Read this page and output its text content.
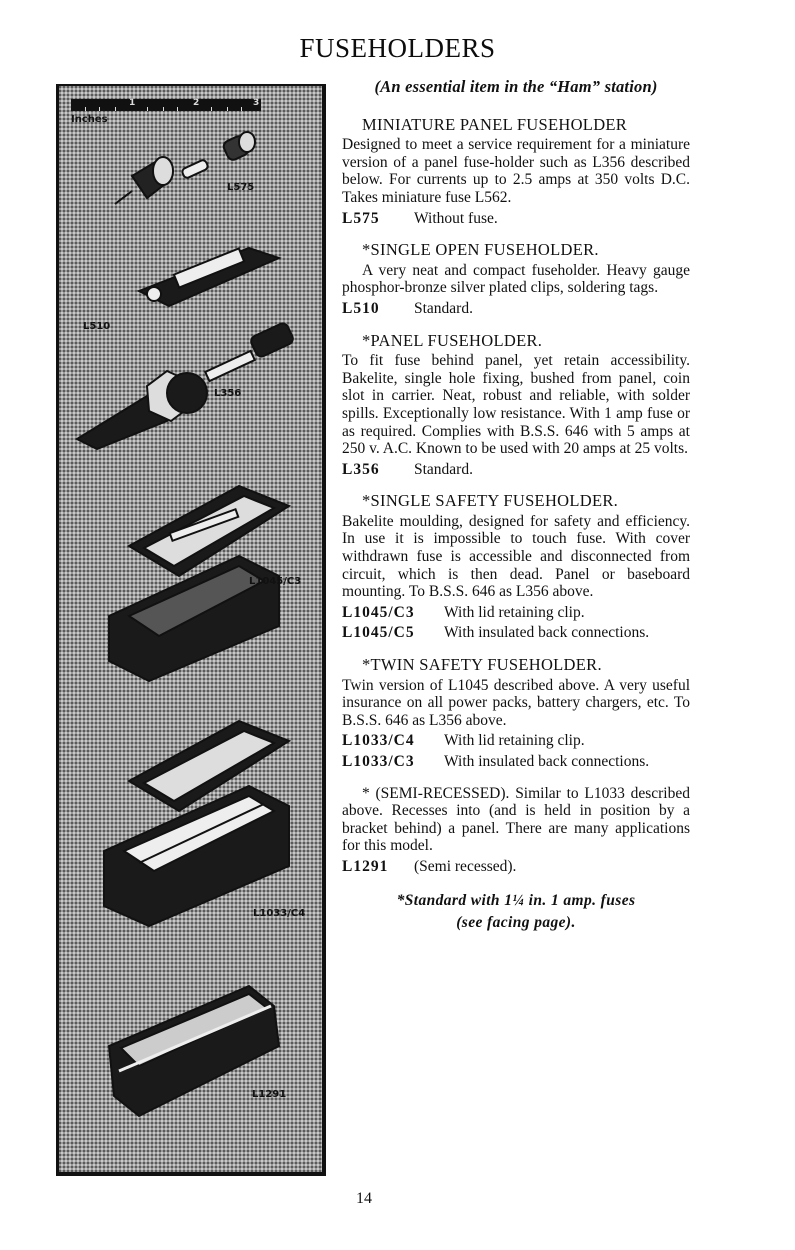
FUSEHOLDERS
1	2	3
Inches
L575
L510
L356
L1045/C3
L1033/C4
L1291
(An essential item in the “Ham” station)
MINIATURE PANEL FUSEHOLDER

Designed to meet a service requirement for a miniature version of a panel fuse-holder such as L356 described below. For currents up to 2.5 amps at 350 volts D.C. Takes miniature fuse L562.

L575	Without fuse.
*SINGLE OPEN FUSEHOLDER.

A very neat and compact fuseholder. Heavy gauge phosphor-bronze silver plated clips, soldering tags.

L510	Standard.
*PANEL FUSEHOLDER.

To fit fuse behind panel, yet retain accessibility. Bakelite, single hole fixing, bushed from panel, coin slot in carrier. Neat, robust and reliable, with solder spills. Exceptionally low resistance. With 1 amp fuse or as required. Complies with B.S.S. 646 with 5 amps at 250 v. A.C. Known to be used with 20 amps at 25 volts.

L356	Standard.
*SINGLE SAFETY FUSEHOLDER.

Bakelite moulding, designed for safety and efficiency. In use it is impossible to touch fuse. With cover withdrawn fuse is accessible and disconnected from circuit, which is then dead. Panel or baseboard mounting. To B.S.S. 646 as L356 above.

L1045/C3	With lid retaining clip.
L1045/C5	With insulated back connections.
*TWIN SAFETY FUSEHOLDER.

Twin version of L1045 described above. A very useful insurance on all power packs, battery chargers, etc. To B.S.S. 646 as L356 above.

L1033/C4	With lid retaining clip.
L1033/C3	With insulated back connections.

* (SEMI-RECESSED). Similar to L1033 described above. Recesses into (and is held in position by a bracket behind) a panel. There are many applications for this model.

L1291	(Semi recessed).
*Standard with 1¼ in. 1 amp. fuses
(see facing page).
14
